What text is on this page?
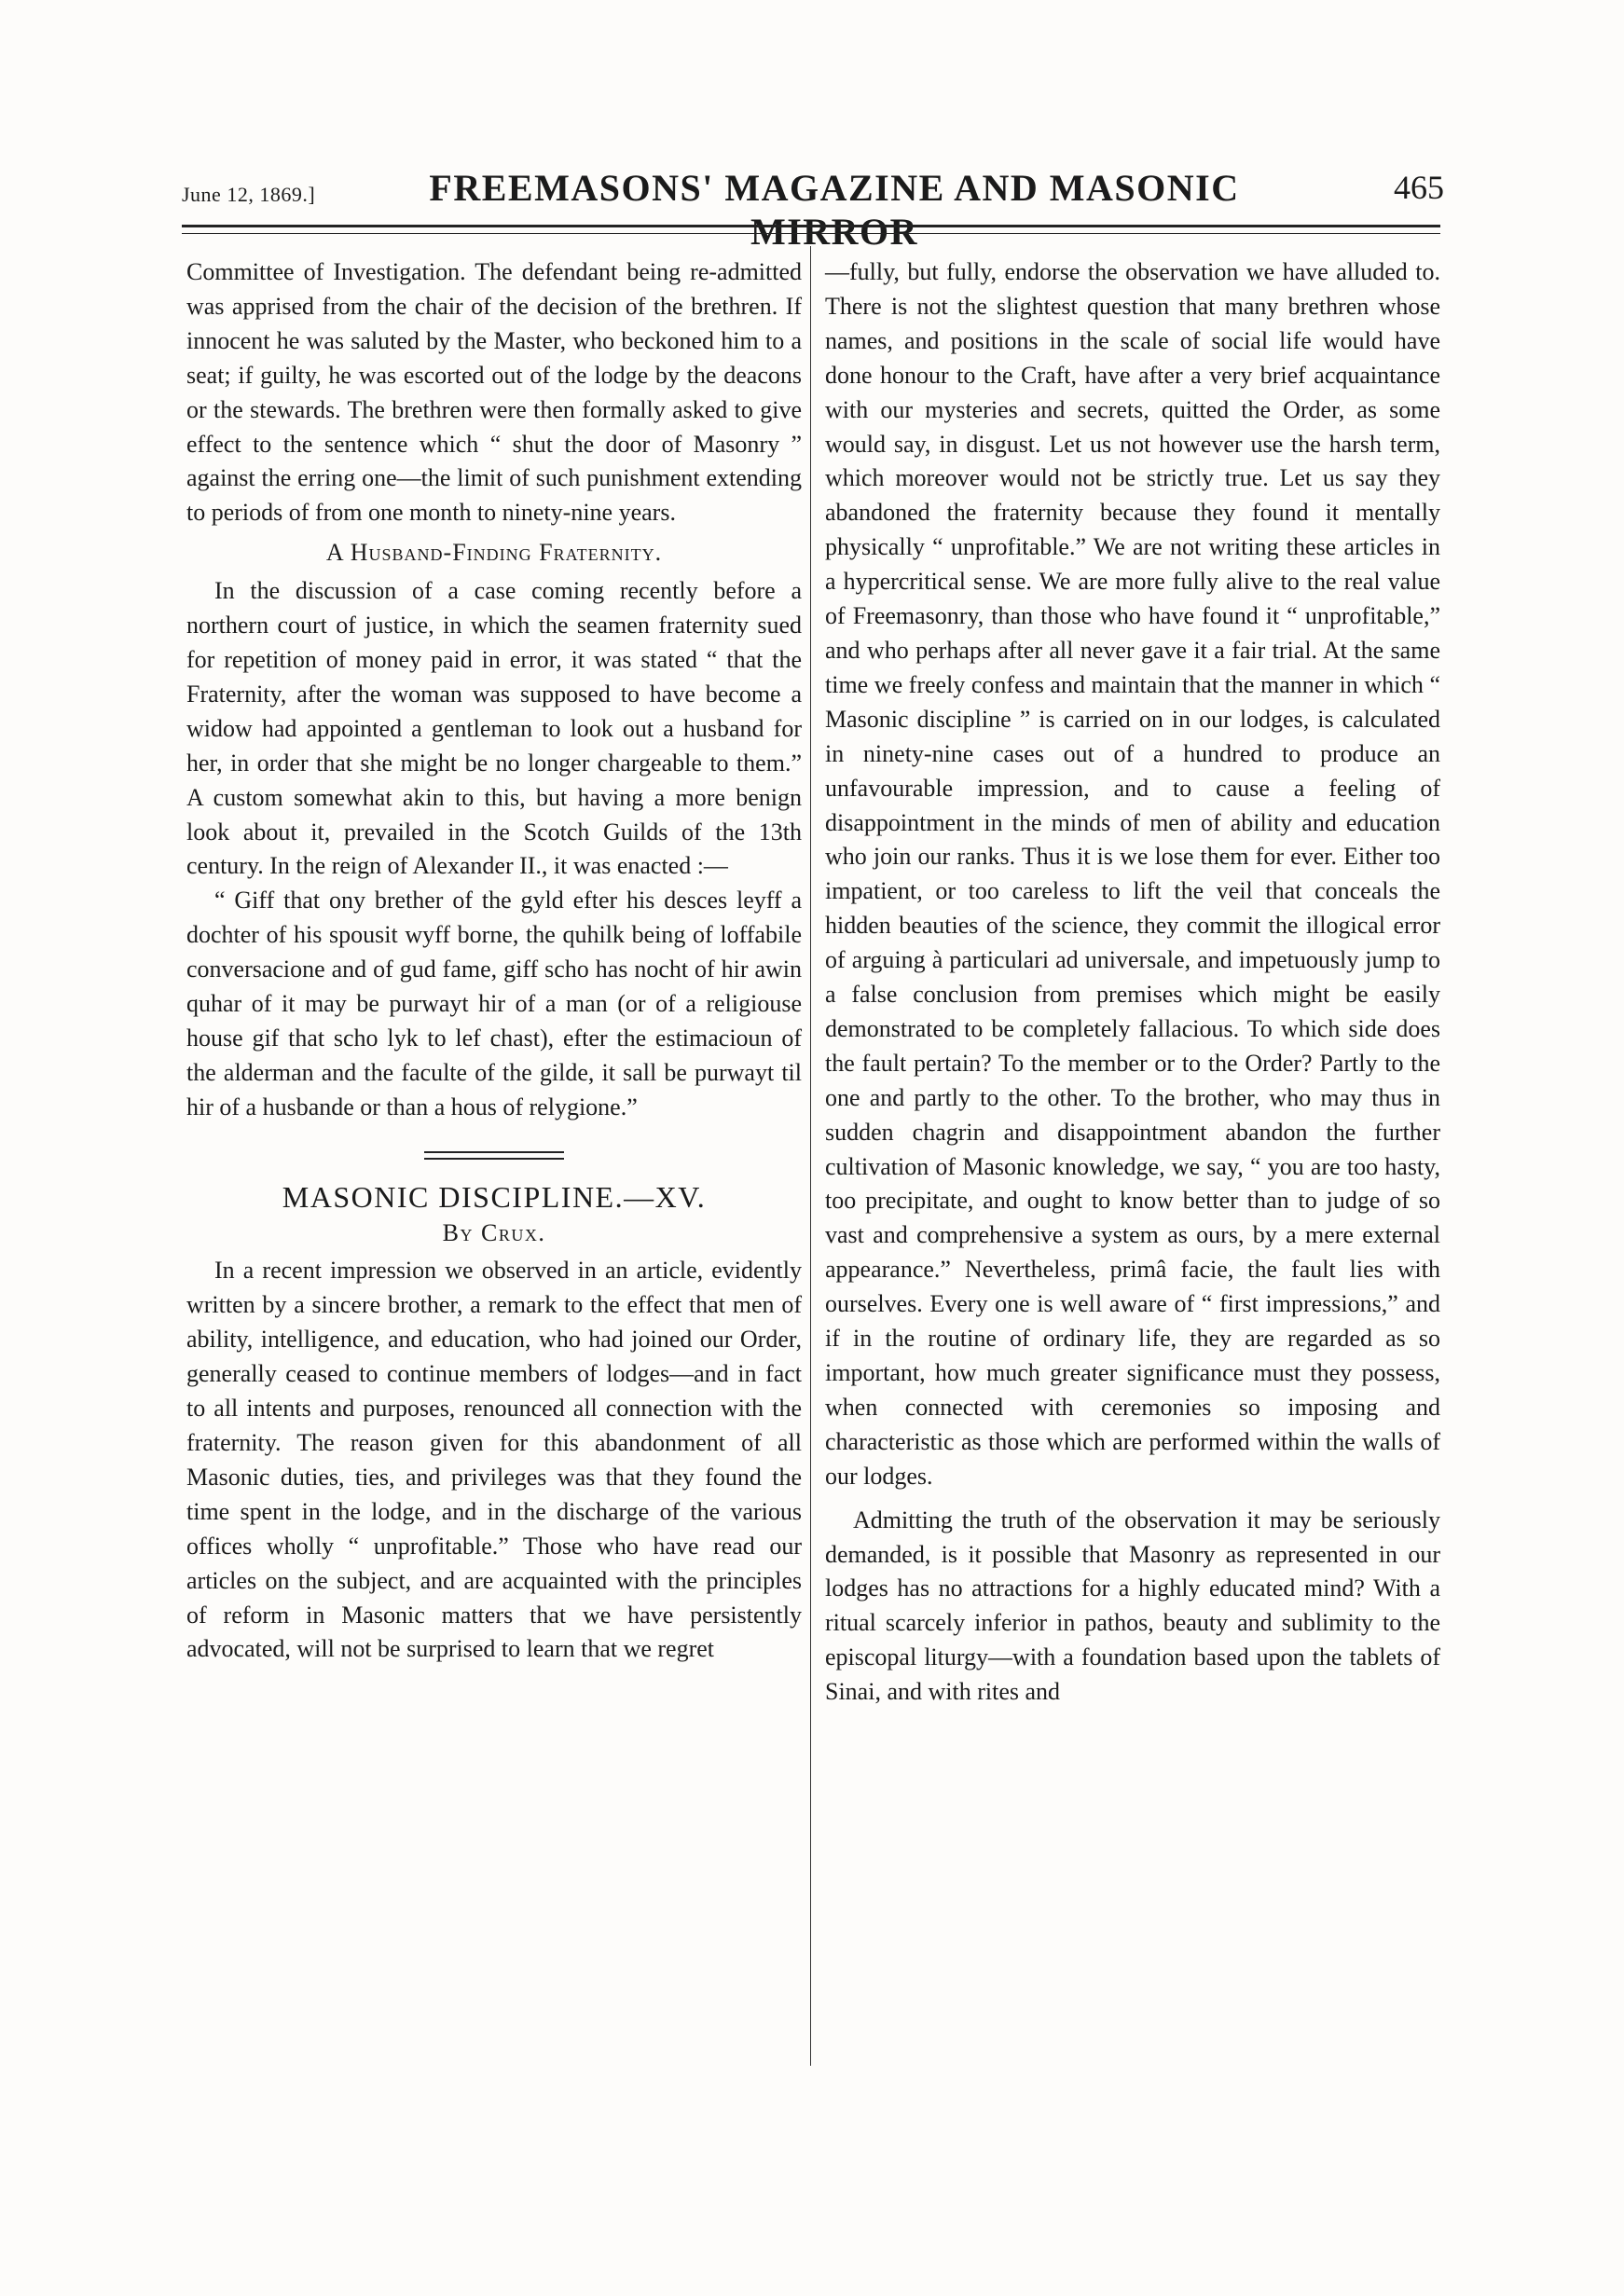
June 12, 1869.]	FREEMASONS' MAGAZINE AND MASONIC MIRROR
465

Committee of Investigation. The defendant being re-admitted was apprised from the chair of the decision of the brethren. If innocent he was saluted by the Master, who beckoned him to a seat; if guilty, he was escorted out of the lodge by the deacons or the stewards. The brethren were then formally asked to give effect to the sentence which “ shut the door of Masonry ” against the erring one—the limit of such punishment extending to periods of from one month to ninety-nine years.

A Husband-Finding Fraternity.

In the discussion of a case coming recently before a northern court of justice, in which the seamen fraternity sued for repetition of money paid in error, it was stated “ that the Fraternity, after the woman was supposed to have become a widow had appointed a gentleman to look out a husband for her, in order that she might be no longer chargeable to them.” A custom somewhat akin to this, but having a more benign look about it, prevailed in the Scotch Guilds of the 13th century. In the reign of Alexander II., it was enacted :—

“ Giff that ony brether of the gyld efter his desces leyff a dochter of his spousit wyff borne, the quhilk being of loffabile conversacione and of gud fame, giff scho has nocht of hir awin quhar of it may be purwayt hir of a man (or of a religiouse house gif that scho lyk to lef chast), efter the estimacioun of the alderman and the faculte of the gilde, it sall be purwayt til hir of a husbande or than a hous of relygione.”

MASONIC DISCIPLINE.—XV.
By Crux.

In a recent impression we observed in an article, evidently written by a sincere brother, a remark to the effect that men of ability, intelligence, and education, who had joined our Order, generally ceased to continue members of lodges—and in fact to all intents and purposes, renounced all connection with the fraternity. The reason given for this abandonment of all Masonic duties, ties, and privileges was that they found the time spent in the lodge, and in the discharge of the various offices wholly “ unprofitable.” Those who have read our articles on the subject, and are acquainted with the principles of reform in Masonic matters that we have persistently advocated, will not be surprised to learn that we regret

—fully, but fully, endorse the observation we have alluded to. There is not the slightest question that many brethren whose names, and positions in the scale of social life would have done honour to the Craft, have after a very brief acquaintance with our mysteries and secrets, quitted the Order, as some would say, in disgust. Let us not however use the harsh term, which moreover would not be strictly true. Let us say they abandoned the fraternity because they found it mentally physically “ unprofitable.” We are not writing these articles in a hypercritical sense. We are more fully alive to the real value of Freemasonry, than those who have found it “ unprofitable,” and who perhaps after all never gave it a fair trial. At the same time we freely confess and maintain that the manner in which “ Masonic discipline ” is carried on in our lodges, is calculated in ninety-nine cases out of a hundred to produce an unfavourable impression, and to cause a feeling of disappointment in the minds of men of ability and education who join our ranks. Thus it is we lose them for ever. Either too impatient, or too careless to lift the veil that conceals the hidden beauties of the science, they commit the illogical error of arguing à particulari ad universale, and impetuously jump to a false conclusion from premises which might be easily demonstrated to be completely fallacious. To which side does the fault pertain? To the member or to the Order? Partly to the one and partly to the other. To the brother, who may thus in sudden chagrin and disappointment abandon the further cultivation of Masonic knowledge, we say, “ you are too hasty, too precipitate, and ought to know better than to judge of so vast and comprehensive a system as ours, by a mere external appearance.” Nevertheless, primâ facie, the fault lies with ourselves. Every one is well aware of “ first impressions,” and if in the routine of ordinary life, they are regarded as so important, how much greater significance must they possess, when connected with ceremonies so imposing and characteristic as those which are performed within the walls of our lodges.

Admitting the truth of the observation it may be seriously demanded, is it possible that Masonry as represented in our lodges has no attractions for a highly educated mind? With a ritual scarcely inferior in pathos, beauty and sublimity to the episcopal liturgy—with a foundation based upon the tablets of Sinai, and with rites and
